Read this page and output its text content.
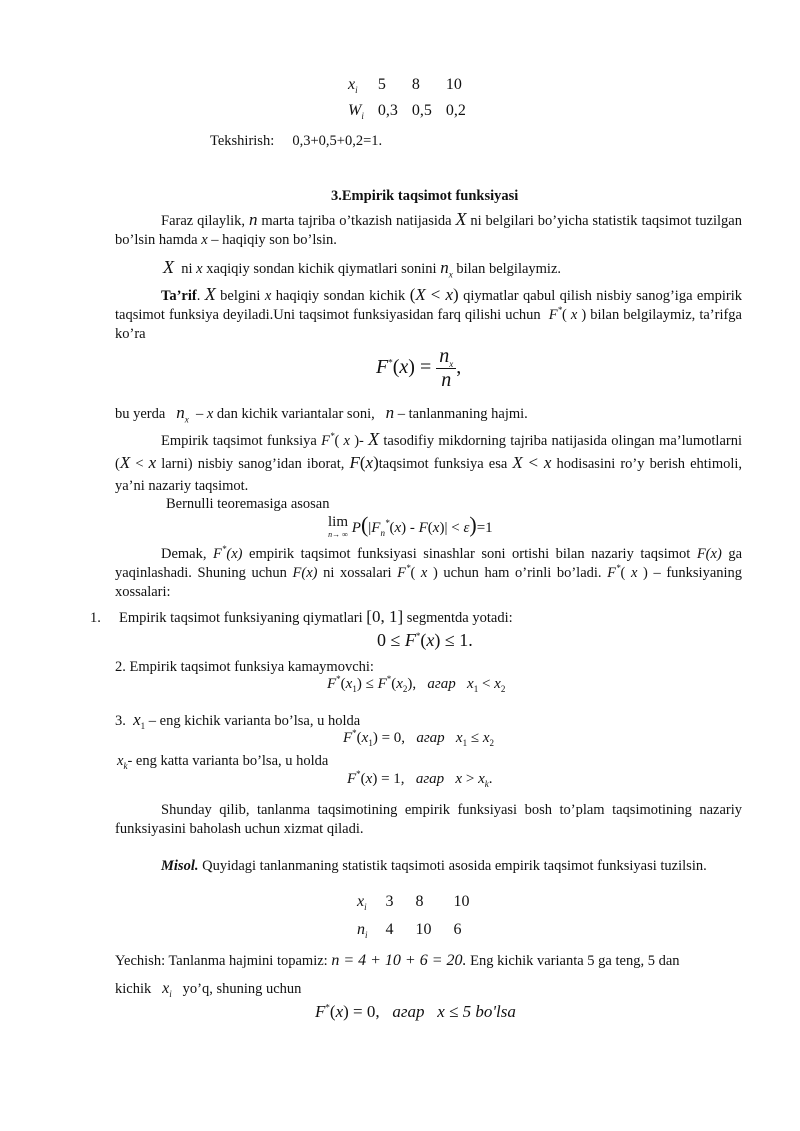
$x_i$	5	8	10
$W_i$	0,3	0,5	0,2
Tekshirish: 0,3+0,5+0,2=1.
3.Empirik taqsimot funksiyasi
Faraz qilaylik, n marta tajriba o’tkazish natijasida X ni belgilari bo’yicha statistik taqsimot tuzilgan bo’lsin hamda x – haqiqiy son bo’lsin.
X ni x xaqiqiy sondan kichik qiymatlari sonini $n_x$ bilan belgilaymiz.
Ta’rif. X belgini x haqiqiy sondan kichik (X < x) qiymatlar qabul qilish nisbiy sanog’iga empirik taqsimot funksiya deyiladi.Uni taqsimot funksiyasidan farq qilishi uchun F*( x ) bilan belgilaymiz, ta’rifga ko’ra
$F^*(x) = \frac{n_x}{n}$ ,
bu yerda $n_x$ – x dan kichik variantalar soni, n – tanlanmaning hajmi.
Empirik taqsimot funksiya F*( x )- X tasodifiy mikdorning tajriba natijasida olingan ma’lumotlarni (X < x larni) nisbiy sanog’idan iborat, F(x)taqsimot funksiya esa X < x hodisasini ro’y berish ehtimoli, ya’ni nazariy taqsimot.
Bernulli teoremasiga asosan
lim
n→ ∞ $P(|F_n^*(x) - F(x)| < \varepsilon)=1$
Demak, F*(x) empirik taqsimot funksiyasi sinashlar soni ortishi bilan nazariy taqsimot F(x) ga yaqinlashadi. Shuning uchun F(x) ni xossalari F*( x ) uchun ham o’rinli bo’ladi. F*( x ) – funksiyaning xossalari:
1. Empirik taqsimot funksiyaning qiymatlari [0, 1] segmentda yotadi:
0 ≤ F*(x) ≤ 1.
2. Empirik taqsimot funksiya kamaymovchi:
$F^*(x_1) \le F^*(x_2)$,   агар $x_1 < x_2$
3. $x_1$ – eng kichik varianta bo’lsa, u holda
$F^*(x_1) = 0$,   агар $x_1 \le x_2$
$x_k-$ eng katta varianta bo’lsa, u holda
F*(x) = 1,   агар $x > x_k$.
Shunday qilib, tanlanma taqsimotining empirik funksiyasi bosh to’plam taqsimotining nazariy funksiyasini baholash uchun xizmat qiladi.
Misol. Quyidagi tanlanmaning statistik taqsimoti asosida empirik taqsimot funksiyasi tuzilsin.
$x_i$	3	8	10
$n_i$	4	10	6
Yechish: Tanlanma hajmini topamiz: n = 4 + 10 + 6 = 20. Eng kichik varianta 5 ga teng, 5 dan
kichik $x_i$ yo’q, shuning uchun
F*(x) = 0,   агар x ≤ 5 bo'lsa
